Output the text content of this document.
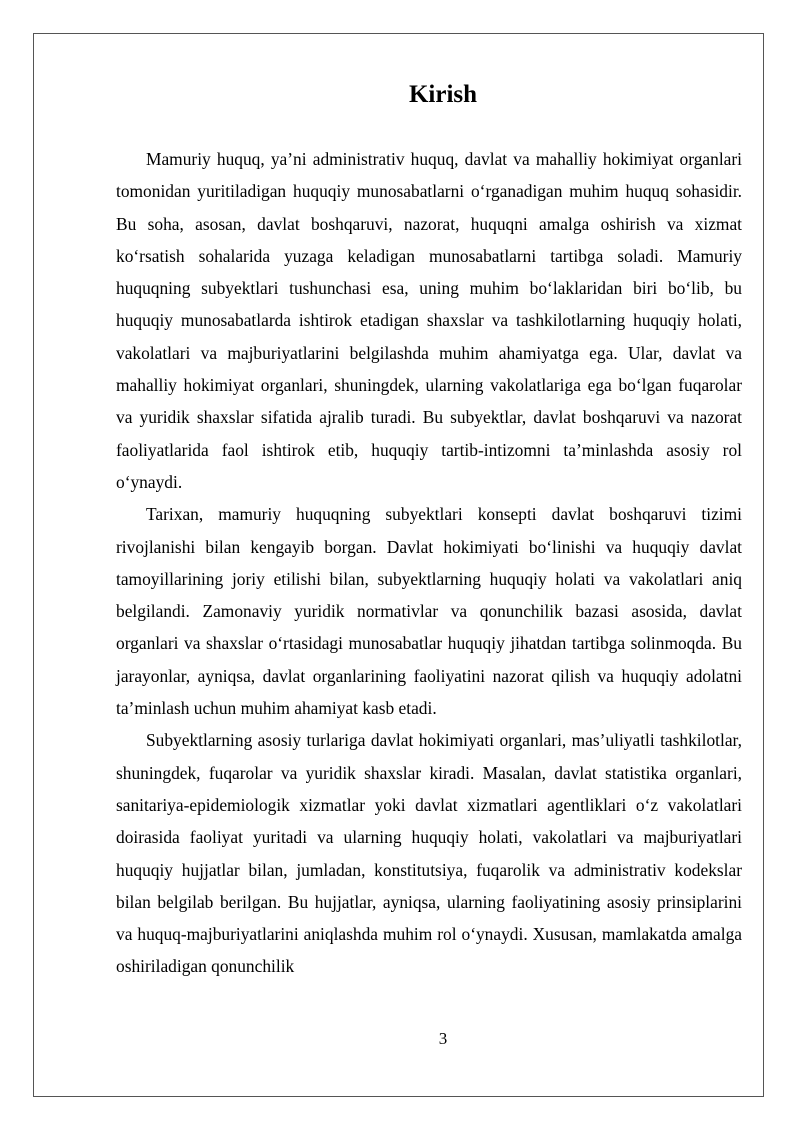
Kirish

Mamuriy huquq, ya’ni administrativ huquq, davlat va mahalliy hokimiyat organlari tomonidan yuritiladigan huquqiy munosabatlarni o‘rganadigan muhim huquq sohasidir. Bu soha, asosan, davlat boshqaruvi, nazorat, huquqni amalga oshirish va xizmat ko‘rsatish sohalarida yuzaga keladigan munosabatlarni tartibga soladi. Mamuriy huquqning subyektlari tushunchasi esa, uning muhim bo‘laklaridan biri bo‘lib, bu huquqiy munosabatlarda ishtirok etadigan shaxslar va tashkilotlarning huquqiy holati, vakolatlari va majburiyatlarini belgilashda muhim ahamiyatga ega. Ular, davlat va mahalliy hokimiyat organlari, shuningdek, ularning vakolatlariga ega bo‘lgan fuqarolar va yuridik shaxslar sifatida ajralib turadi. Bu subyektlar, davlat boshqaruvi va nazorat faoliyatlarida faol ishtirok etib, huquqiy tartib-intizomni ta’minlashda asosiy rol o‘ynaydi.

Tarixan, mamuriy huquqning subyektlari konsepti davlat boshqaruvi tizimi rivojlanishi bilan kengayib borgan. Davlat hokimiyati bo‘linishi va huquqiy davlat tamoyillarining joriy etilishi bilan, subyektlarning huquqiy holati va vakolatlari aniq belgilandi. Zamonaviy yuridik normativlar va qonunchilik bazasi asosida, davlat organlari va shaxslar o‘rtasidagi munosabatlar huquqiy jihatdan tartibga solinmoqda. Bu jarayonlar, ayniqsa, davlat organlarining faoliyatini nazorat qilish va huquqiy adolatni ta’minlash uchun muhim ahamiyat kasb etadi.

Subyektlarning asosiy turlariga davlat hokimiyati organlari, mas’uliyatli tashkilotlar, shuningdek, fuqarolar va yuridik shaxslar kiradi. Masalan, davlat statistika organlari, sanitariya-epidemiologik xizmatlar yoki davlat xizmatlari agentliklari o‘z vakolatlari doirasida faoliyat yuritadi va ularning huquqiy holati, vakolatlari va majburiyatlari huquqiy hujjatlar bilan, jumladan, konstitutsiya, fuqarolik va administrativ kodekslar bilan belgilab berilgan. Bu hujjatlar, ayniqsa, ularning faoliyatining asosiy prinsiplarini va huquq-majburiyatlarini aniqlashda muhim rol o‘ynaydi. Xususan, mamlakatda amalga oshiriladigan qonunchilik

3
